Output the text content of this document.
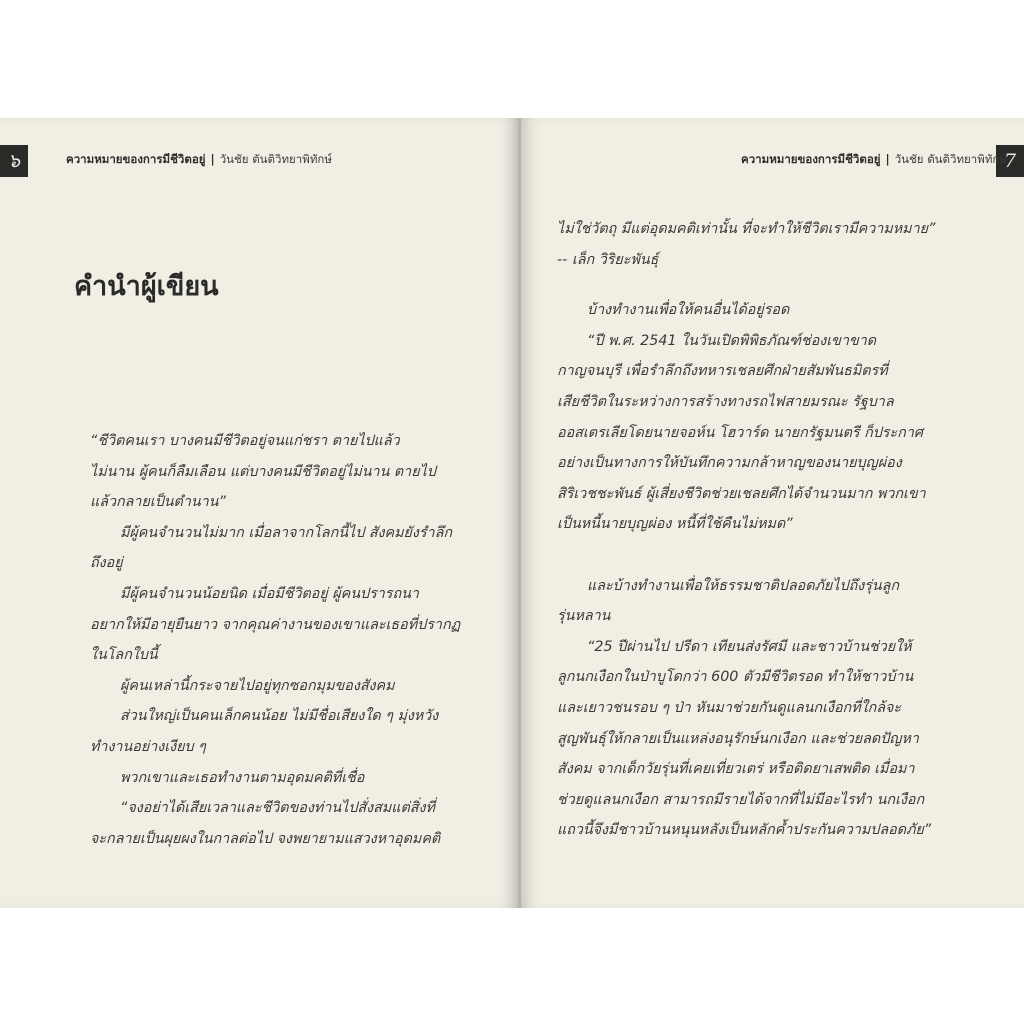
๖	ความหมายของการมีชีวิตอยู่ | วันชัย ตันติวิทยาพิทักษ์
คำนำผู้เขียน
“ชีวิตคนเรา บางคนมีชีวิตอยู่จนแก่ชรา ตายไปแล้ว
ไม่นาน ผู้คนก็ลืมเลือน แต่บางคนมีชีวิตอยู่ไม่นาน ตายไป
แล้วกลายเป็นตำนาน”
มีผู้คนจำนวนไม่มาก เมื่อลาจากโลกนี้ไป สังคมยังรำลึก
ถึงอยู่
มีผู้คนจำนวนน้อยนิด เมื่อมีชีวิตอยู่ ผู้คนปรารถนา
อยากให้มีอายุยืนยาว จากคุณค่างานของเขาและเธอที่ปรากฏ
ในโลกใบนี้
ผู้คนเหล่านี้กระจายไปอยู่ทุกซอกมุมของสังคม
ส่วนใหญ่เป็นคนเล็กคนน้อย ไม่มีชื่อเสียงใด ๆ มุ่งหวัง
ทำงานอย่างเงียบ ๆ
พวกเขาและเธอทำงานตามอุดมคติที่เชื่อ
“จงอย่าได้เสียเวลาและชีวิตของท่านไปสั่งสมแต่สิ่งที่
จะกลายเป็นผุยผงในกาลต่อไป จงพยายามแสวงหาอุดมคติ
7
ความหมายของการมีชีวิตอยู่ | วันชัย ตันติวิทยาพิทักษ์
ไม่ใช่วัตถุ มีแต่อุดมคติเท่านั้น ที่จะทำให้ชีวิตเรามีความหมาย”
-- เล็ก วิริยะพันธุ์
บ้างทำงานเพื่อให้คนอื่นได้อยู่รอด
“ปี พ.ศ. 2541 ในวันเปิดพิพิธภัณฑ์ช่องเขาขาด
กาญจนบุรี เพื่อรำลึกถึงทหารเชลยศึกฝ่ายสัมพันธมิตรที่
เสียชีวิตในระหว่างการสร้างทางรถไฟสายมรณะ รัฐบาล
ออสเตรเลียโดยนายจอห์น โฮวาร์ด นายกรัฐมนตรี ก็ประกาศ
อย่างเป็นทางการให้บันทึกความกล้าหาญของนายบุญผ่อง
สิริเวชชะพันธ์ ผู้เสี่ยงชีวิตช่วยเชลยศึกได้จำนวนมาก พวกเขา
เป็นหนี้นายบุญผ่อง หนี้ที่ใช้คืนไม่หมด”
และบ้างทำงานเพื่อให้ธรรมชาติปลอดภัยไปถึงรุ่นลูก
รุ่นหลาน
“25 ปีผ่านไป ปรีดา เทียนส่งรัศมี และชาวบ้านช่วยให้
ลูกนกเงือกในป่าบูโดกว่า 600 ตัวมีชีวิตรอด ทำให้ชาวบ้าน
และเยาวชนรอบ ๆ ป่า หันมาช่วยกันดูแลนกเงือกที่ใกล้จะ
สูญพันธุ์ให้กลายเป็นแหล่งอนุรักษ์นกเงือก และช่วยลดปัญหา
สังคม จากเด็กวัยรุ่นที่เคยเที่ยวเตร่ หรือติดยาเสพติด เมื่อมา
ช่วยดูแลนกเงือก สามารถมีรายได้จากที่ไม่มีอะไรทำ นกเงือก
แถวนี้จึงมีชาวบ้านหนุนหลังเป็นหลักค้ำประกันความปลอดภัย”
